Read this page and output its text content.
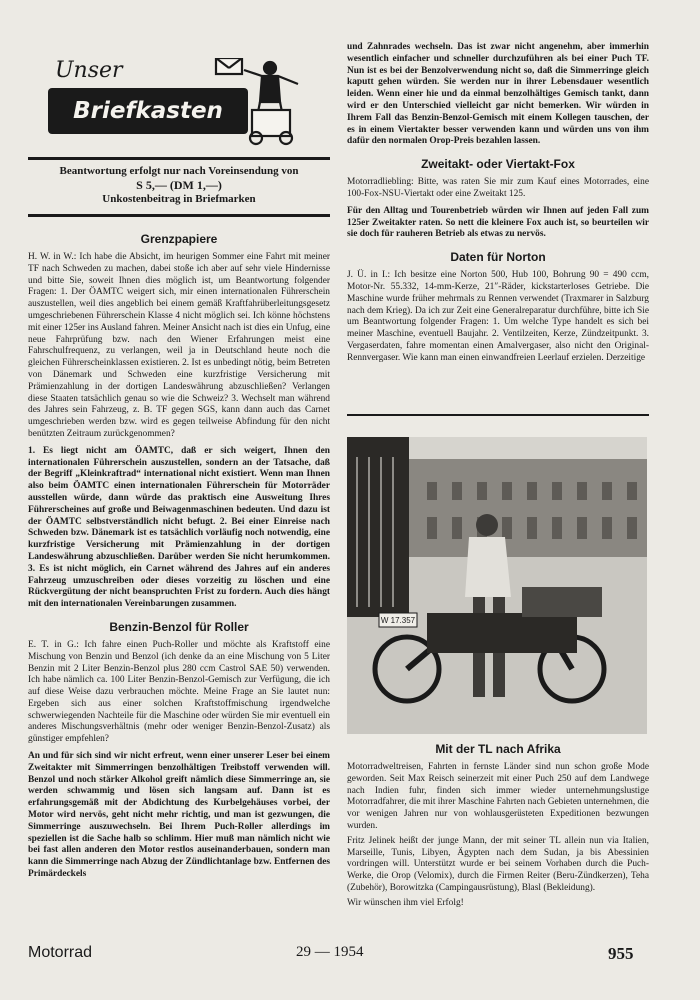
Unser
Briefkasten
Beantwortung erfolgt nur nach Voreinsendung von
S 5,— (DM 1,—)
Unkostenbeitrag in Briefmarken
Grenzpapiere

H. W. in W.: Ich habe die Absicht, im heurigen Sommer eine Fahrt mit meiner TF nach Schweden zu machen, dabei stoße ich aber auf sehr viele Hindernisse und bitte Sie, soweit Ihnen dies möglich ist, um Beantwortung folgender Fragen: 1. Der ÖAMTC weigert sich, mir einen internationalen Führerschein auszustellen, weil dies angeblich bei einem gemäß Kraftfahrüberleitungsgesetz umgeschriebenen Führerschein Klasse 4 nicht möglich sei. Ich könne höchstens mit einer 125er ins Ausland fahren. Meiner Ansicht nach ist dies ein Unfug, eine neue Fahrprüfung bzw. nach den Wiener Erfahrungen meist eine Fahrschulfrequenz, zu verlangen, weil ja in Deutschland heute noch die gleichen Führerscheinklassen existieren. 2. Ist es unbedingt nötig, beim Betreten von Dänemark und Schweden eine kurzfristige Versicherung mit Prämienzahlung in der dortigen Landeswährung abzuschließen? Verlangen diese Staaten tatsächlich genau so wie die Schweiz? 3. Wechselt man während des Jahres sein Fahrzeug, z. B. TF gegen SGS, kann dann auch das Carnet umgeschrieben werden bzw. wird es gegen teilweise Abfindung für den nicht benützten Zeitraum zurückgenommen?

1. Es liegt nicht am ÖAMTC, daß er sich weigert, Ihnen den internationalen Führerschein auszustellen, sondern an der Tatsache, daß der Begriff „Kleinkraftrad“ international nicht existiert. Wenn man Ihnen also beim ÖAMTC einen internationalen Führerschein für Motorräder ausstellen würde, dann würde das praktisch eine Ausweitung Ihres Führerscheines auf große und Beiwagenmaschinen bedeuten. Und dazu ist der ÖAMTC selbstverständlich nicht befugt. 2. Bei einer Einreise nach Schweden bzw. Dänemark ist es tatsächlich vorläufig noch notwendig, eine kurzfristige Versicherung mit Prämienzahlung in der dortigen Landeswährung abzuschließen. Darüber werden Sie nicht herumkommen. 3. Es ist nicht möglich, ein Carnet während des Jahres auf ein anderes Fahrzeug umzuschreiben oder dieses vorzeitig zu löschen und eine Rückvergütung der nicht beanspruchten Frist zu fordern. Auch dies hängt mit den internationalen Vereinbarungen zusammen.

Benzin-Benzol für Roller

E. T. in G.: Ich fahre einen Puch-Roller und möchte als Kraftstoff eine Mischung von Benzin und Benzol (ich denke da an eine Mischung von 5 Liter Benzin mit 2 Liter Benzin-Benzol plus 280 ccm Castrol SAE 50) verwenden. Ich habe nämlich ca. 100 Liter Benzin-Benzol-Gemisch zur Verfügung, die ich auf diese Weise dazu verbrauchen möchte. Meine Frage an Sie lautet nun: Ergeben sich aus einer solchen Kraftstoffmischung irgendwelche schwerwiegenden Nachteile für die Maschine oder würden Sie mir eventuell ein anderes Mischungsverhältnis (mehr oder weniger Benzin-Benzol-Zusatz) als günstiger empfehlen?

An und für sich sind wir nicht erfreut, wenn einer unserer Leser bei einem Zweitakter mit Simmerringen benzolhältigen Treibstoff verwenden will. Benzol und noch stärker Alkohol greift nämlich diese Simmerringe an, sie werden schwammig und lösen sich langsam auf. Dann ist es erfahrungsgemäß mit der Abdichtung des Kurbelgehäuses vorbei, der Motor wird nervös, geht nicht mehr richtig, und man ist gezwungen, die Simmerringe auszuwechseln. Bei Ihrem Puch-Roller allerdings im speziellen ist die Sache halb so schlimm. Hier muß man nämlich nicht wie bei fast allen anderen den Motor restlos auseinanderbauen, sondern man kann die Simmerringe nach Abzug der Zündlichtanlage bzw. Entfernen des Primärdeckels

und Zahnrades wechseln. Das ist zwar nicht angenehm, aber immerhin wesentlich einfacher und schneller durchzuführen als bei einer Puch TF. Nun ist es bei der Benzolverwendung nicht so, daß die Simmerringe gleich kaputt gehen würden. Sie werden nur in ihrer Lebensdauer wesentlich leiden. Wenn einer hie und da einmal benzolhältiges Gemisch tankt, dann wird er den Unterschied vielleicht gar nicht bemerken. Wir würden in Ihrem Fall das Benzin-Benzol-Gemisch mit einem Kollegen tauschen, der es in einem Viertakter besser verwenden kann und würden uns von ihm dafür den normalen Orop-Preis bezahlen lassen.

Zweitakt- oder Viertakt-Fox

Motorradliebling: Bitte, was raten Sie mir zum Kauf eines Motorrades, eine 100-Fox-NSU-Viertakt oder eine Zweitakt 125.

Für den Alltag und Tourenbetrieb würden wir Ihnen auf jeden Fall zum 125er Zweitakter raten. So nett die kleinere Fox auch ist, so beurteilen wir sie doch für rauheren Betrieb als etwas zu nervös.

Daten für Norton

J. Ü. in I.: Ich besitze eine Norton 500, Hub 100, Bohrung 90 = 490 ccm, Motor-Nr. 55.332, 14-mm-Kerze, 21″-Räder, kickstarterloses Getriebe. Die Maschine wurde früher mehrmals zu Rennen verwendet (Traxmarer in Salzburg nach dem Krieg). Da ich zur Zeit eine Generalreparatur durchführe, bitte ich Sie um Beantwortung folgender Fragen: 1. Um welche Type handelt es sich bei meiner Maschine, eventuell Baujahr. 2. Ventilzeiten, Kerze, Zündzeitpunkt. 3. Vergaserdaten, fahre momentan einen Amalvergaser, also nicht den Original-Rennvergaser. Wie kann man einen einwandfreien Leerlauf erzielen. Derzeitige

W 17.357
Mit der TL nach Afrika

Motorradweltreisen, Fahrten in fernste Länder sind nun schon große Mode geworden. Seit Max Reisch seinerzeit mit einer Puch 250 auf dem Landwege nach Indien fuhr, finden sich immer wieder unternehmungslustige Motorradfahrer, die mit ihrer Maschine Fahrten nach Gebieten unternehmen, die vor wenigen Jahren nur von wohlausgerüsteten Expeditionen bezwungen wurden.

Fritz Jelinek heißt der junge Mann, der mit seiner TL allein nun via Italien, Marseille, Tunis, Libyen, Ägypten nach dem Sudan, ja bis Abessinien vordringen will. Unterstützt wurde er bei seinem Vorhaben durch die Puch-Werke, die Orop (Velomix), durch die Firmen Reiter (Beru-Zündkerzen), Teha (Zubehör), Borowitzka (Campingausrüstung), Blasl (Bekleidung).

Wir wünschen ihm viel Erfolg!

Motorrad	29 — 1954	955
